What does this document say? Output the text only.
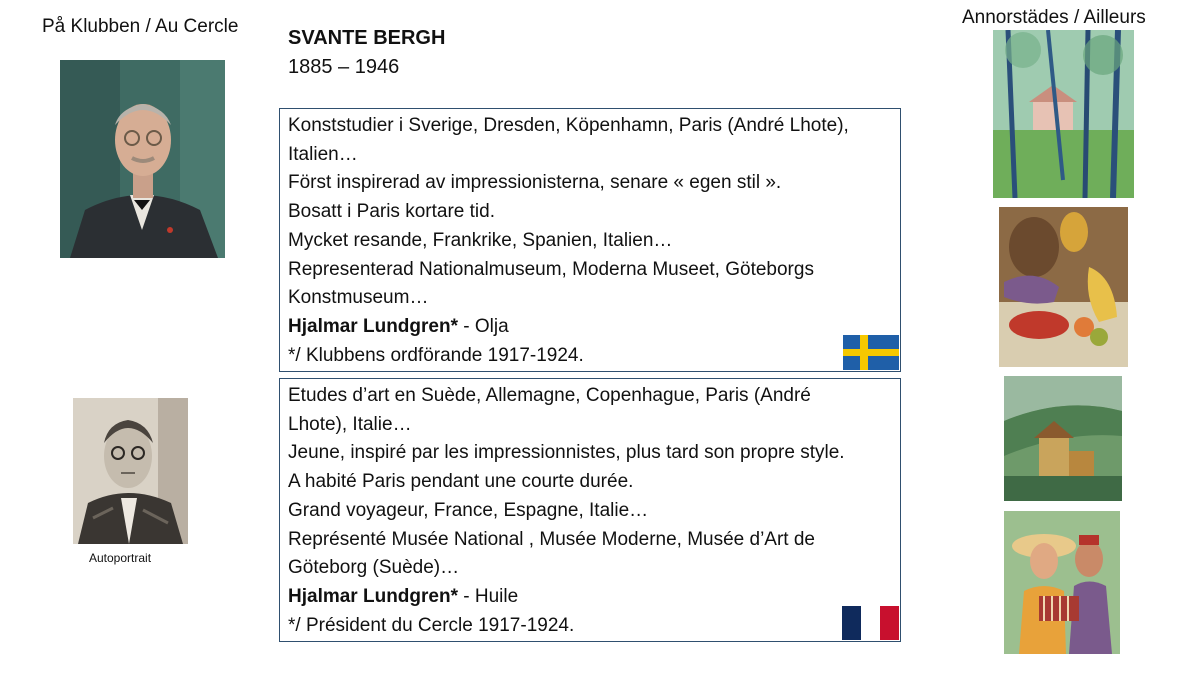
På Klubben / Au Cercle	Annorstädes / Ailleurs
SVANTE BERGH
1885 – 1946
Autoportrait
Konststudier i Sverige, Dresden, Köpenhamn, Paris (André Lhote),
Italien…
Först inspirerad av impressionisterna, senare « egen stil ».
Bosatt i Paris kortare tid.
Mycket resande, Frankrike, Spanien, Italien…
Representerad Nationalmuseum, Moderna Museet, Göteborgs
Konstmuseum…
Hjalmar Lundgren* - Olja
*/ Klubbens ordförande 1917-1924.
Etudes d’art en Suède, Allemagne, Copenhague, Paris (André
Lhote), Italie…
Jeune, inspiré par les impressionnistes, plus tard son propre style.
A habité Paris pendant une courte durée.
Grand voyageur, France, Espagne, Italie…
Représenté Musée National , Musée Moderne, Musée d’Art de
Göteborg (Suède)…
Hjalmar Lundgren* - Huile
*/ Président du Cercle 1917-1924.
